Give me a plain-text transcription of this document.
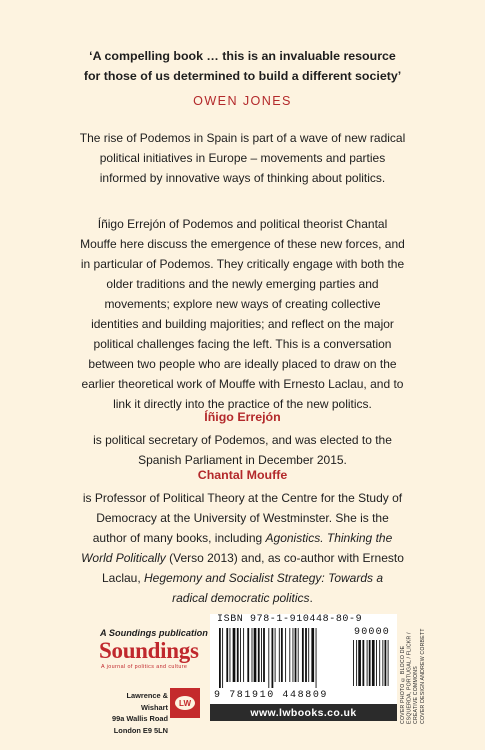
‘A compelling book … this is an invaluable resource
for those of us determined to build a different society’
OWEN JONES
The rise of Podemos in Spain is part of a wave of new radical
political initiatives in Europe – movements and parties
informed by innovative ways of thinking about politics.
Íñigo Errejón of Podemos and political theorist Chantal
Mouffe here discuss the emergence of these new forces, and
in particular of Podemos. They critically engage with both the
older traditions and the newly emerging parties and
movements; explore new ways of creating collective
identities and building majorities; and reflect on the major
political challenges facing the left. This is a conversation
between two people who are ideally placed to draw on the
earlier theoretical work of Mouffe with Ernesto Laclau, and to
link it directly into the practice of the new politics.
Íñigo Errejón
is political secretary of Podemos, and was elected to the
Spanish Parliament in December 2015.
Chantal Mouffe
is Professor of Political Theory at the Centre for the Study of
Democracy at the University of Westminster. She is the
author of many books, including Agonistics. Thinking the
World Politically (Verso 2013) and, as co-author with Ernesto
Laclau, Hegemony and Socialist Strategy: Towards a
radical democratic politics.
A Soundings publication
Soundings
A journal of politics and culture
Lawrence & Wishart
99a Wallis Road
London E9 5LN
LW
ISBN 978-1-910448-80-9
9 781910 448809
90000
www.lwbooks.co.uk	COVER PHOTO © BLOCO DE ESQUERDA, PORTUGAL / FLICKR / CREATIVE COMMONS COVER DESIGN ANDREW CORBETT
